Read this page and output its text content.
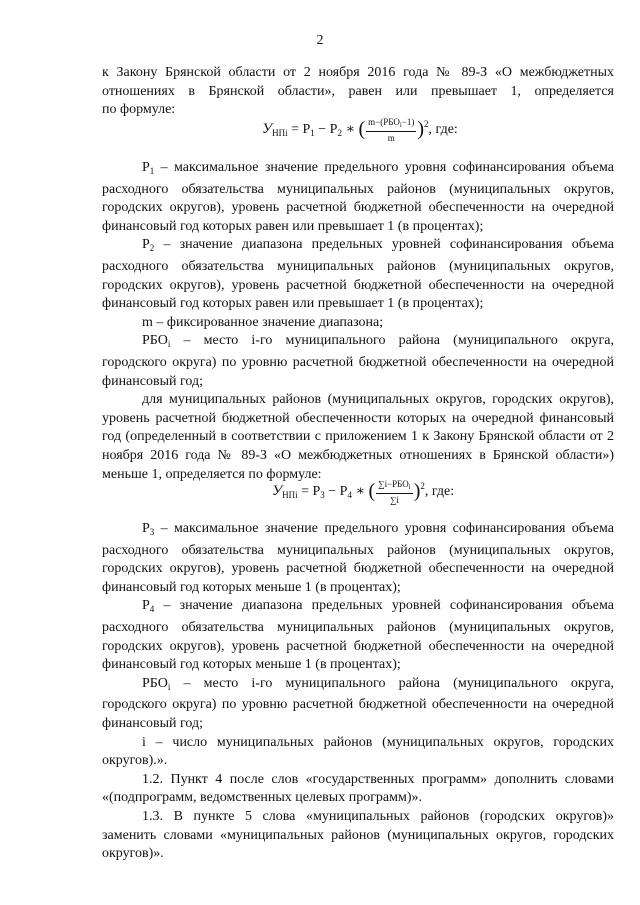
2
к Закону Брянской области от 2 ноября 2016 года № 89-З «О межбюджетных
отношениях в Брянской области», равен или превышает 1, определяется
по формуле:
$У_{НПi} = Р_1 - Р_2$ ∗ ( $\frac{m-(РБО_i-1)}{m} )^2$, где:

$Р_1$ – максимальное значение предельного уровня софинансирования объема расходного обязательства муниципальных районов (муниципальных округов, городских округов), уровень расчетной бюджетной обеспеченности на очередной финансовый год которых равен или превышает 1 (в процентах);

$Р_2$ – значение диапазона предельных уровней софинансирования объема расходного обязательства муниципальных районов (муниципальных округов, городских округов), уровень расчетной бюджетной обеспеченности на очередной финансовый год которых равен или превышает 1 (в процентах);

m – фиксированное значение диапазона;

$РБО_i$ – место i-го муниципального района (муниципального округа, городского округа) по уровню расчетной бюджетной обеспеченности на очередной финансовый год;

для муниципальных районов (муниципальных округов, городских округов), уровень расчетной бюджетной обеспеченности которых на очередной финансовый год (определенный в соответствии с приложением 1 к Закону Брянской области от 2 ноября 2016 года № 89-З «О межбюджетных отношениях в Брянской области») меньше 1, определяется по формуле:

$У_{НПi} = Р_3 - Р_4$ ∗ ( $\frac{\sum i-РБО_i}{\sum i} )^2$, где:

$Р_3$ – максимальное значение предельного уровня софинансирования объема расходного обязательства муниципальных районов (муниципальных округов, городских округов), уровень расчетной бюджетной обеспеченности на очередной финансовый год которых меньше 1 (в процентах);

$Р_4$ – значение диапазона предельных уровней софинансирования объема расходного обязательства муниципальных районов (муниципальных округов, городских округов), уровень расчетной бюджетной обеспеченности на очередной финансовый год которых меньше 1 (в процентах);

$РБО_i$ – место i-го муниципального района (муниципального округа, городского округа) по уровню расчетной бюджетной обеспеченности на очередной финансовый год;

i – число муниципальных районов (муниципальных округов, городских округов).».

1.2. Пункт 4 после слов «государственных программ» дополнить словами «(подпрограмм, ведомственных целевых программ)».

1.3. В пункте 5 слова «муниципальных районов (городских округов)» заменить словами «муниципальных районов (муниципальных округов, городских округов)».
